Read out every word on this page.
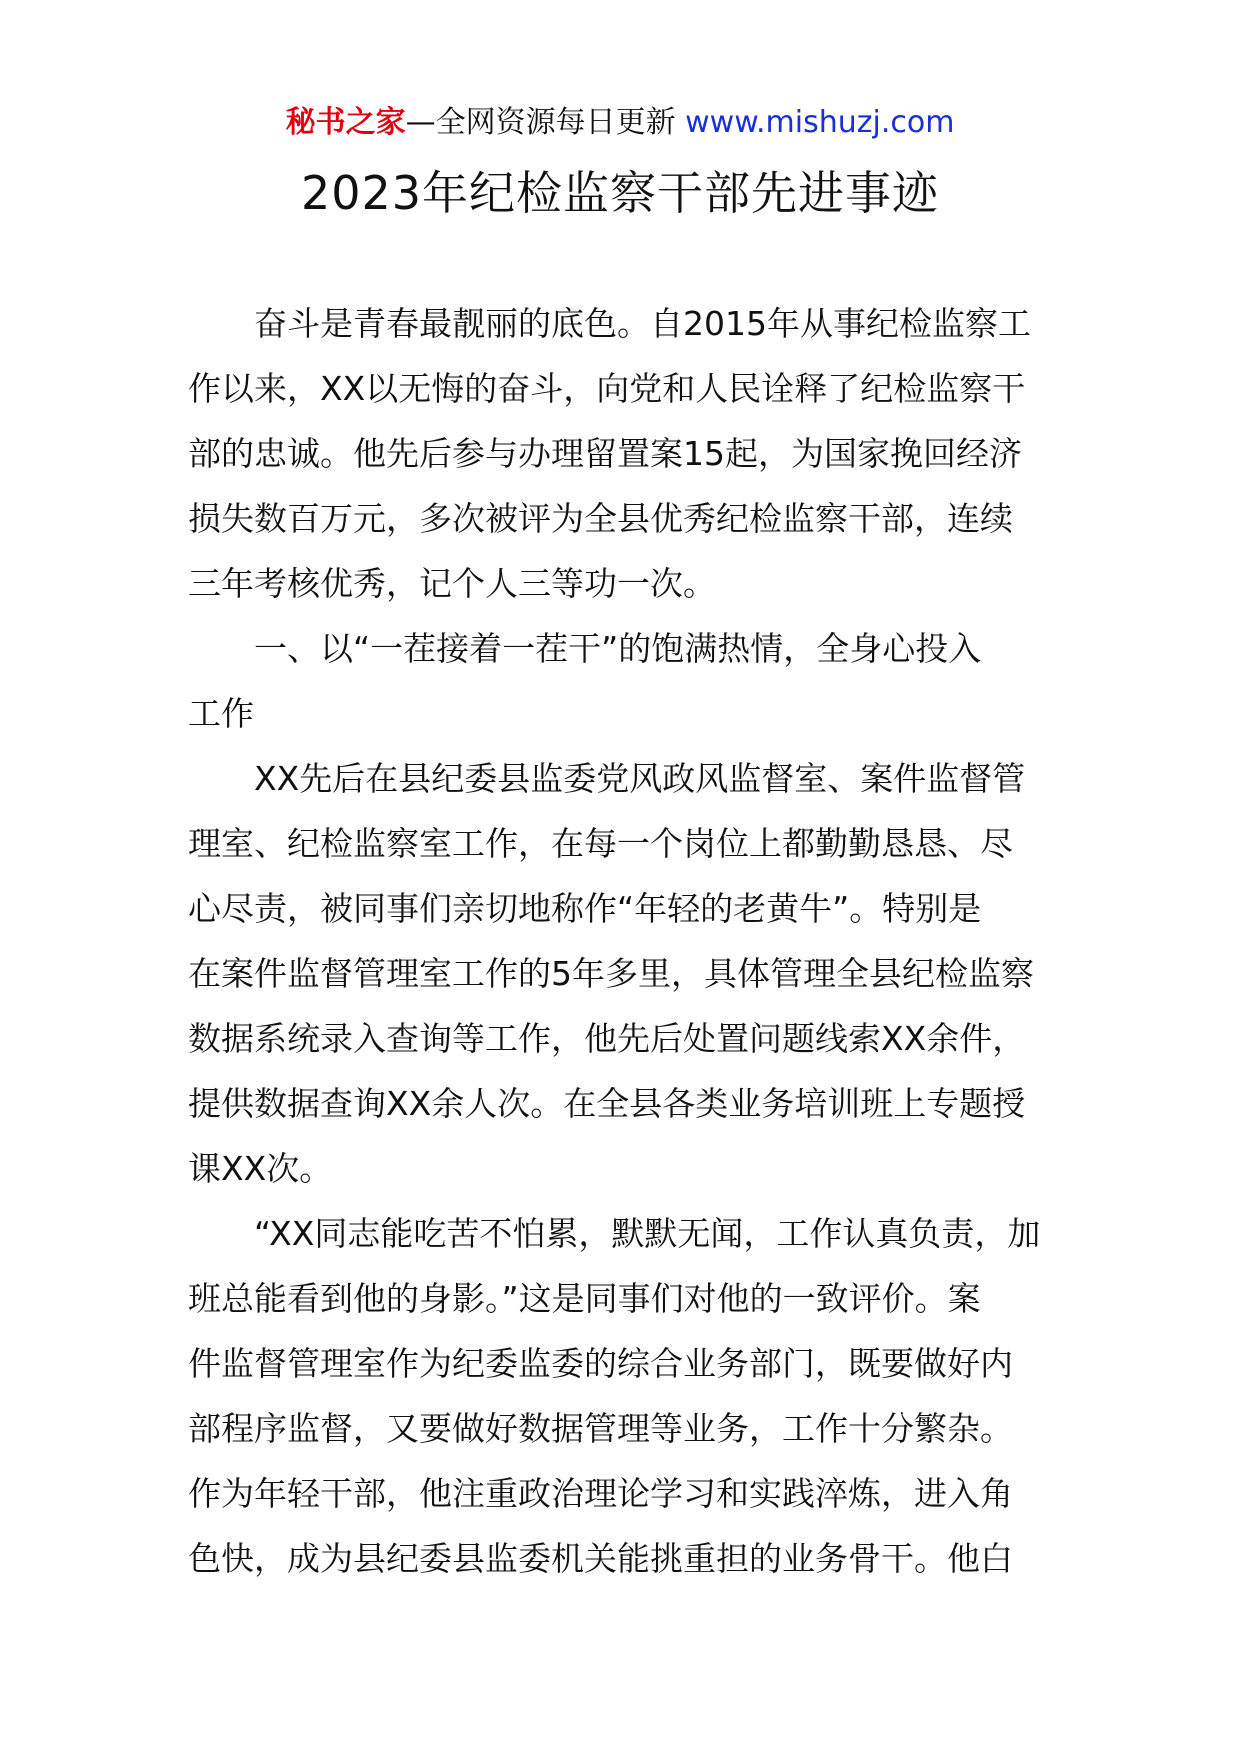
秘书之家—全网资源每日更新 www.mishuzj.com
2023年纪检监察干部先进事迹
奋斗是青春最靓丽的底色。自2015年从事纪检监察工
作以来，XX以无悔的奋斗，向党和人民诠释了纪检监察干
部的忠诚。他先后参与办理留置案15起，为国家挽回经济
损失数百万元，多次被评为全县优秀纪检监察干部，连续
三年考核优秀，记个人三等功一次。
一、以“一茬接着一茬干”的饱满热情，全身心投入
工作
XX先后在县纪委县监委党风政风监督室、案件监督管
理室、纪检监察室工作，在每一个岗位上都勤勤恳恳、尽
心尽责，被同事们亲切地称作“年轻的老黄牛”。特别是
在案件监督管理室工作的5年多里，具体管理全县纪检监察
数据系统录入查询等工作，他先后处置问题线索XX余件，
提供数据查询XX余人次。在全县各类业务培训班上专题授
课XX次。
“XX同志能吃苦不怕累，默默无闻，工作认真负责，加
班总能看到他的身影。”这是同事们对他的一致评价。案
件监督管理室作为纪委监委的综合业务部门，既要做好内
部程序监督，又要做好数据管理等业务，工作十分繁杂。
作为年轻干部，他注重政治理论学习和实践淬炼，进入角
色快，成为县纪委县监委机关能挑重担的业务骨干。他白
